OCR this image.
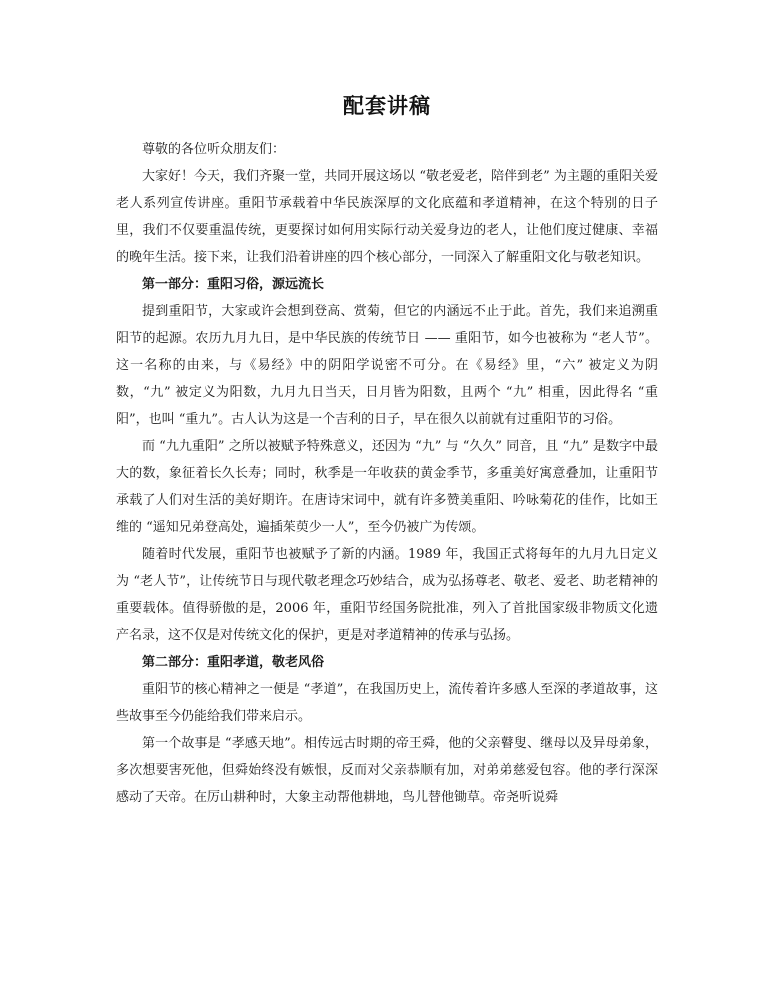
配套讲稿

尊敬的各位听众朋友们：

大家好！今天，我们齐聚一堂，共同开展这场以 “敬老爱老，陪伴到老” 为主题的重阳关爱老人系列宣传讲座。重阳节承载着中华民族深厚的文化底蕴和孝道精神，在这个特别的日子里，我们不仅要重温传统，更要探讨如何用实际行动关爱身边的老人，让他们度过健康、幸福的晚年生活。接下来，让我们沿着讲座的四个核心部分，一同深入了解重阳文化与敬老知识。

第一部分：重阳习俗，源远流长

提到重阳节，大家或许会想到登高、赏菊，但它的内涵远不止于此。首先，我们来追溯重阳节的起源。农历九月九日，是中华民族的传统节日 —— 重阳节，如今也被称为 “老人节”。这一名称的由来，与《易经》中的阴阳学说密不可分。在《易经》里，“六” 被定义为阴数，“九” 被定义为阳数，九月九日当天，日月皆为阳数，且两个 “九” 相重，因此得名 “重阳”，也叫 “重九”。古人认为这是一个吉利的日子，早在很久以前就有过重阳节的习俗。

而 “九九重阳” 之所以被赋予特殊意义，还因为 “九” 与 “久久” 同音，且 “九” 是数字中最大的数，象征着长久长寿；同时，秋季是一年收获的黄金季节，多重美好寓意叠加，让重阳节承载了人们对生活的美好期许。在唐诗宋词中，就有许多赞美重阳、吟咏菊花的佳作，比如王维的 “遥知兄弟登高处，遍插茱萸少一人”，至今仍被广为传颂。

随着时代发展，重阳节也被赋予了新的内涵。1989 年，我国正式将每年的九月九日定义为 “老人节”，让传统节日与现代敬老理念巧妙结合，成为弘扬尊老、敬老、爱老、助老精神的重要载体。值得骄傲的是，2006 年，重阳节经国务院批准，列入了首批国家级非物质文化遗产名录，这不仅是对传统文化的保护，更是对孝道精神的传承与弘扬。

第二部分：重阳孝道，敬老风俗

重阳节的核心精神之一便是 “孝道”，在我国历史上，流传着许多感人至深的孝道故事，这些故事至今仍能给我们带来启示。

第一个故事是 “孝感天地”。相传远古时期的帝王舜，他的父亲瞽叟、继母以及异母弟象，多次想要害死他，但舜始终没有嫉恨，反而对父亲恭顺有加，对弟弟慈爱包容。他的孝行深深感动了天帝。在厉山耕种时，大象主动帮他耕地，鸟儿替他锄草。帝尧听说舜
